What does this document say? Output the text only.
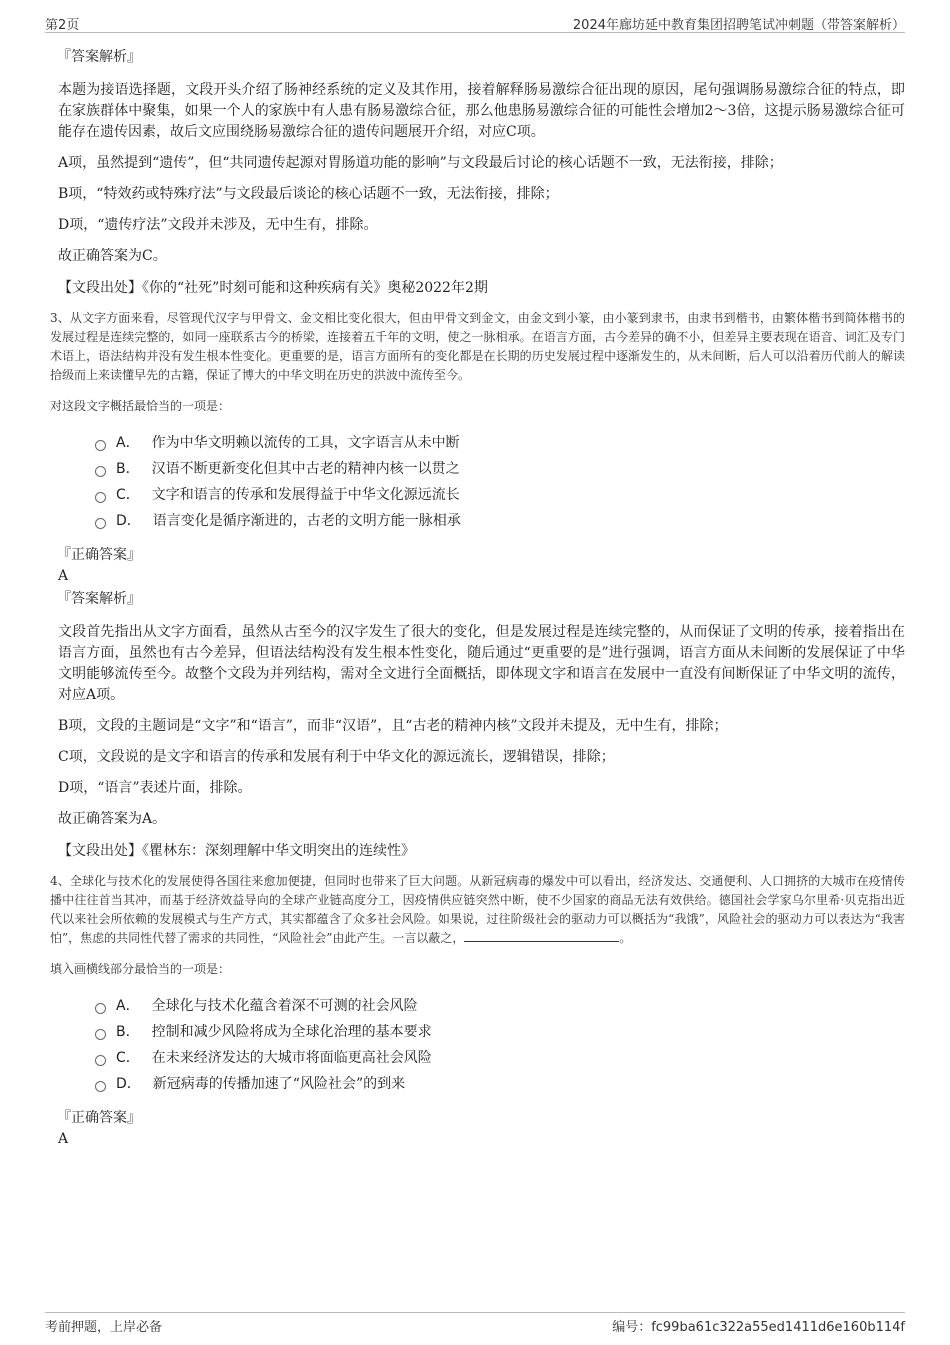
第2页	2024年廊坊延中教育集团招聘笔试冲刺题（带答案解析）
『答案解析』

本题为接语选择题，文段开头介绍了肠神经系统的定义及其作用，接着解释肠易激综合征出现的原因，尾句强调肠易激综合征的特点，即在家族群体中聚集，如果一个人的家族中有人患有肠易激综合征，那么他患肠易激综合征的可能性会增加2～3倍，这提示肠易激综合征可能存在遗传因素，故后文应围绕肠易激综合征的遗传问题展开介绍，对应C项。

A项，虽然提到“遗传”，但“共同遗传起源对胃肠道功能的影响”与文段最后讨论的核心话题不一致，无法衔接，排除；

B项，“特效药或特殊疗法”与文段最后谈论的核心话题不一致，无法衔接，排除；

D项，“遗传疗法”文段并未涉及，无中生有，排除。

故正确答案为C。

【文段出处】《你的“社死”时刻可能和这种疾病有关》奥秘2022年2期

3、从文字方面来看，尽管现代汉字与甲骨文、金文相比变化很大，但由甲骨文到金文，由金文到小篆，由小篆到隶书，由隶书到楷书，由繁体楷书到简体楷书的发展过程是连续完整的，如同一座联系古今的桥梁，连接着五千年的文明，使之一脉相承。在语言方面，古今差异的确不小，但差异主要表现在语音、词汇及专门术语上，语法结构并没有发生根本性变化。更重要的是，语言方面所有的变化都是在长期的历史发展过程中逐渐发生的，从未间断，后人可以沿着历代前人的解读拾级而上来读懂早先的古籍，保证了博大的中华文明在历史的洪波中流传至今。

对这段文字概括最恰当的一项是：

A． 作为中华文明赖以流传的工具，文字语言从未中断
B． 汉语不断更新变化但其中古老的精神内核一以贯之
C． 文字和语言的传承和发展得益于中华文化源远流长
D． 语言变化是循序渐进的，古老的文明方能一脉相承
『正确答案』
A
『答案解析』

文段首先指出从文字方面看，虽然从古至今的汉字发生了很大的变化，但是发展过程是连续完整的，从而保证了文明的传承，接着指出在语言方面，虽然也有古今差异，但语法结构没有发生根本性变化，随后通过“更重要的是”进行强调，语言方面从未间断的发展保证了中华文明能够流传至今。故整个文段为并列结构，需对全文进行全面概括，即体现文字和语言在发展中一直没有间断保证了中华文明的流传，对应A项。

B项，文段的主题词是“文字”和“语言”，而非“汉语”，且“古老的精神内核”文段并未提及，无中生有，排除；

C项，文段说的是文字和语言的传承和发展有利于中华文化的源远流长，逻辑错误，排除；

D项，“语言”表述片面，排除。

故正确答案为A。

【文段出处】《瞿林东：深刻理解中华文明突出的连续性》

4、全球化与技术化的发展使得各国往来愈加便捷，但同时也带来了巨大问题。从新冠病毒的爆发中可以看出，经济发达、交通便利、人口拥挤的大城市在疫情传播中往往首当其冲，而基于经济效益导向的全球产业链高度分工，因疫情供应链突然中断，使不少国家的商品无法有效供给。德国社会学家乌尔里希·贝克指出近代以来社会所依赖的发展模式与生产方式，其实都蕴含了众多社会风险。如果说，过往阶级社会的驱动力可以概括为“我饿”，风险社会的驱动力可以表达为“我害怕”，焦虑的共同性代替了需求的共同性，“风险社会”由此产生。一言以蔽之，	。

填入画横线部分最恰当的一项是：

A． 全球化与技术化蕴含着深不可测的社会风险
B． 控制和减少风险将成为全球化治理的基本要求
C． 在未来经济发达的大城市将面临更高社会风险
D． 新冠病毒的传播加速了“风险社会”的到来
『正确答案』
A
考前押题，上岸必备	编号：fc99ba61c322a55ed1411d6e160b114f
